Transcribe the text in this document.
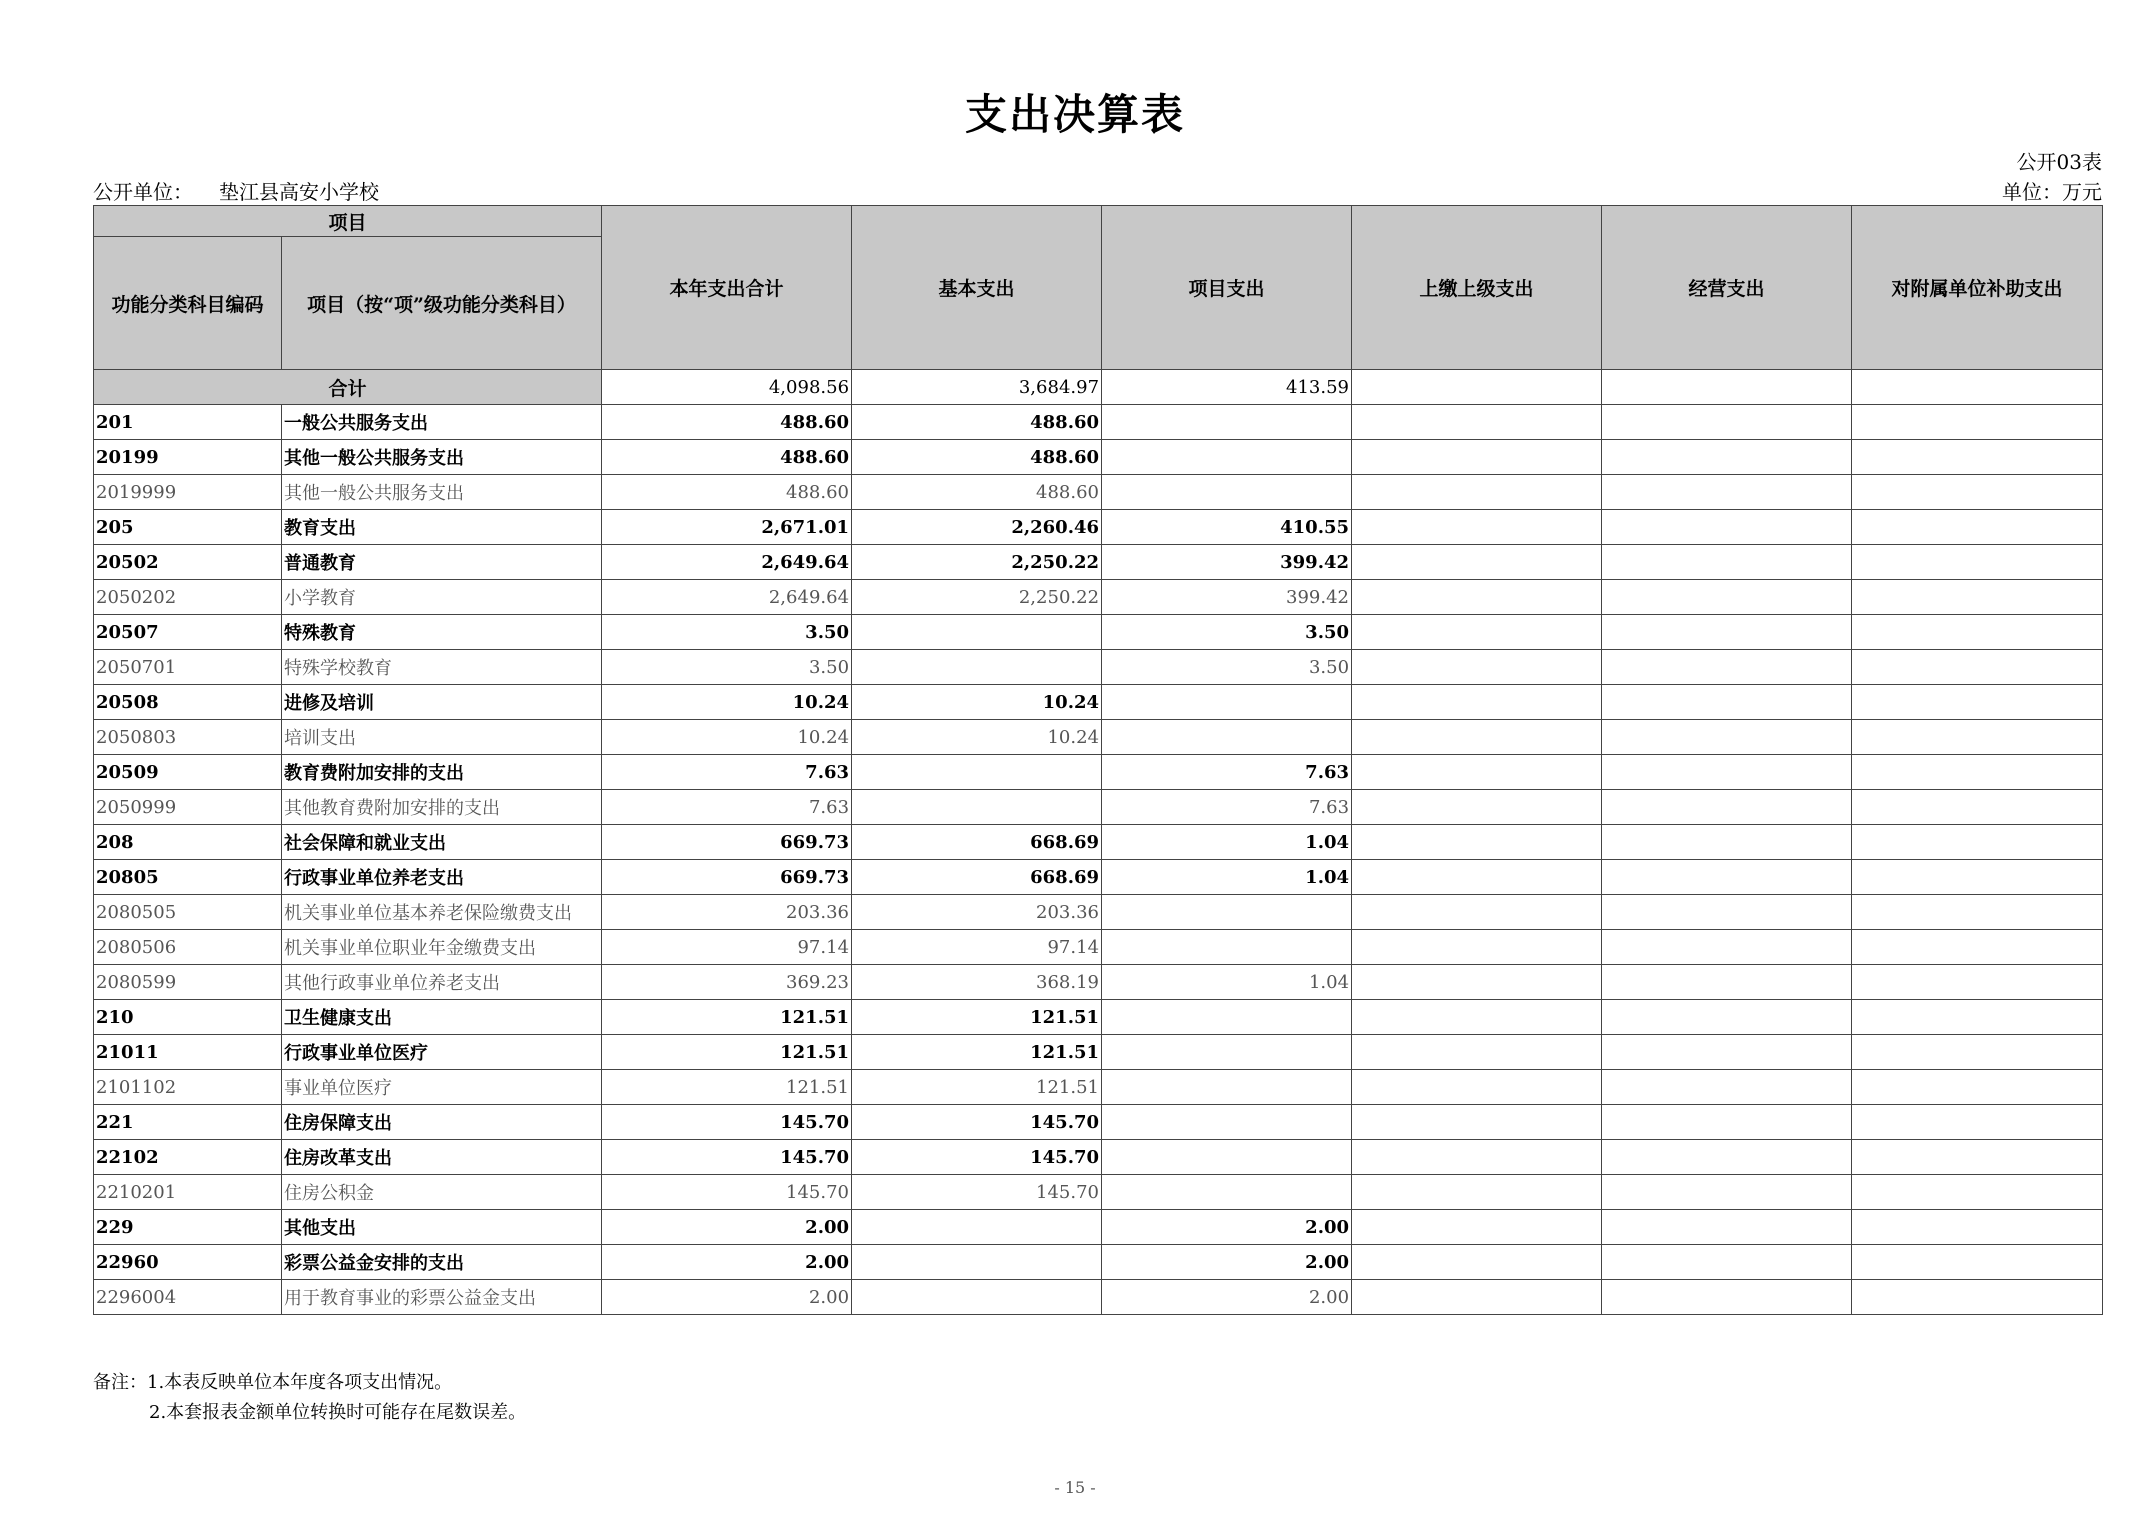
支出决算表
公开03表
公开单位： 垫江县高安小学校	单位：万元
项目		本年支出合计	基本支出	项目支出	上缴上级支出	经营支出	对附属单位补助支出
功能分类科目编码	项目（按“项”级功能分类科目）						
合计		4,098.56	3,684.97	413.59			
201	一般公共服务支出	488.60	488.60				
20199	其他一般公共服务支出	488.60	488.60				
2019999	其他一般公共服务支出	488.60	488.60				
205	教育支出	2,671.01	2,260.46	410.55			
20502	普通教育	2,649.64	2,250.22	399.42			
2050202	小学教育	2,649.64	2,250.22	399.42			
20507	特殊教育	3.50		3.50			
2050701	特殊学校教育	3.50		3.50			
20508	进修及培训	10.24	10.24				
2050803	培训支出	10.24	10.24				
20509	教育费附加安排的支出	7.63		7.63			
2050999	其他教育费附加安排的支出	7.63		7.63			
208	社会保障和就业支出	669.73	668.69	1.04			
20805	行政事业单位养老支出	669.73	668.69	1.04			
2080505	机关事业单位基本养老保险缴费支出	203.36	203.36				
2080506	机关事业单位职业年金缴费支出	97.14	97.14				
2080599	其他行政事业单位养老支出	369.23	368.19	1.04			
210	卫生健康支出	121.51	121.51				
21011	行政事业单位医疗	121.51	121.51				
2101102	事业单位医疗	121.51	121.51				
221	住房保障支出	145.70	145.70				
22102	住房改革支出	145.70	145.70				
2210201	住房公积金	145.70	145.70				
229	其他支出	2.00		2.00			
22960	彩票公益金安排的支出	2.00		2.00			
2296004	用于教育事业的彩票公益金支出	2.00		2.00			
备注：1.本表反映单位本年度各项支出情况。
2.本套报表金额单位转换时可能存在尾数误差。
- 15 -
